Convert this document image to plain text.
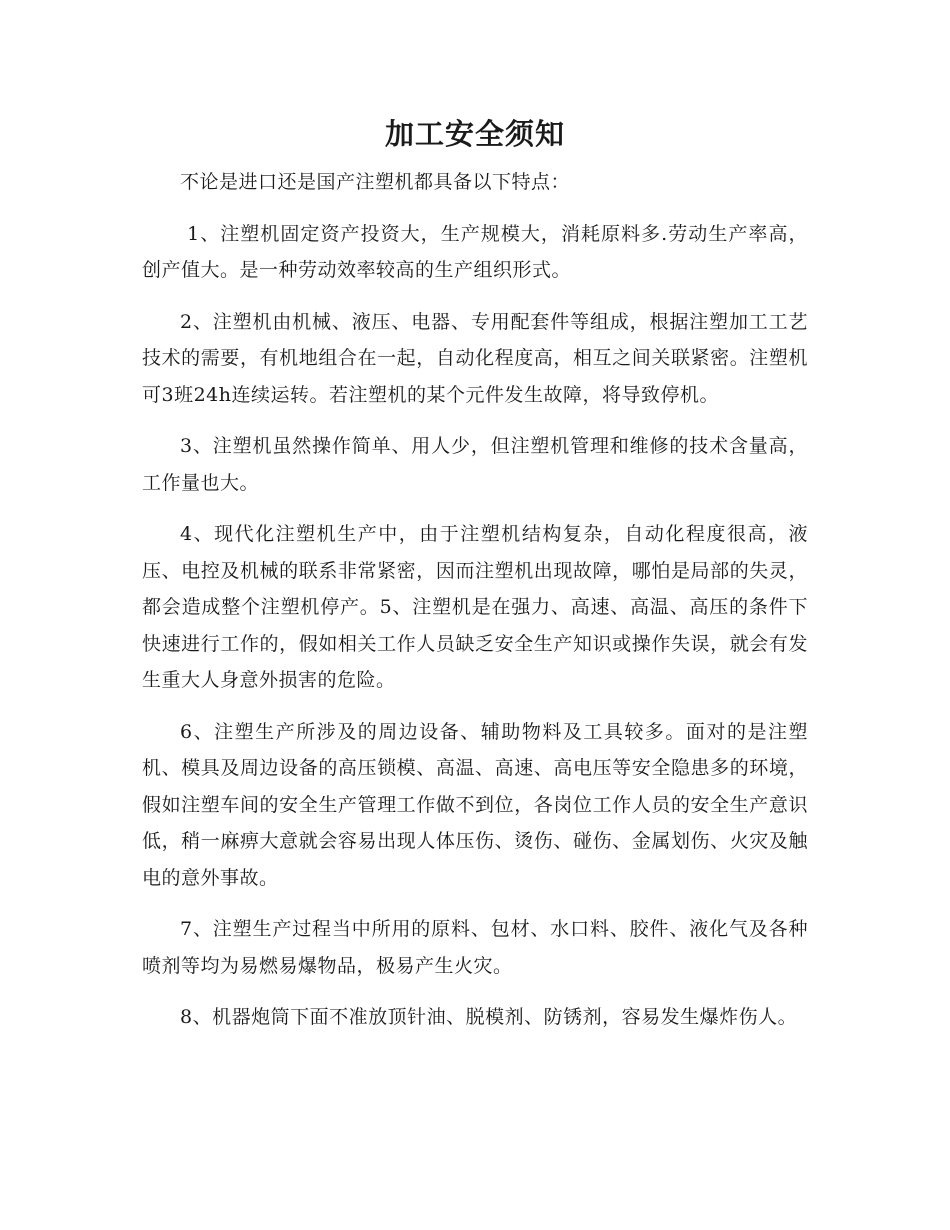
加工安全须知

不论是进口还是国产注塑机都具备以下特点：

1、注塑机固定资产投资大，生产规模大，消耗原料多.劳动生产率高，创产值大。是一种劳动效率较高的生产组织形式。

2、注塑机由机械、液压、电器、专用配套件等组成，根据注塑加工工艺技术的需要，有机地组合在一起，自动化程度高，相互之间关联紧密。注塑机可3班24h连续运转。若注塑机的某个元件发生故障，将导致停机。

3、注塑机虽然操作简单、用人少，但注塑机管理和维修的技术含量高，工作量也大。

4、现代化注塑机生产中，由于注塑机结构复杂，自动化程度很高，液压、电控及机械的联系非常紧密，因而注塑机出现故障，哪怕是局部的失灵，都会造成整个注塑机停产。5、注塑机是在强力、高速、高温、高压的条件下快速进行工作的，假如相关工作人员缺乏安全生产知识或操作失误，就会有发生重大人身意外损害的危险。

6、注塑生产所涉及的周边设备、辅助物料及工具较多。面对的是注塑机、模具及周边设备的高压锁模、高温、高速、高电压等安全隐患多的环境，假如注塑车间的安全生产管理工作做不到位，各岗位工作人员的安全生产意识低，稍一麻痹大意就会容易出现人体压伤、烫伤、碰伤、金属划伤、火灾及触电的意外事故。

7、注塑生产过程当中所用的原料、包材、水口料、胶件、液化气及各种喷剂等均为易燃易爆物品，极易产生火灾。

8、机器炮筒下面不准放顶针油、脱模剂、防锈剂，容易发生爆炸伤人。
